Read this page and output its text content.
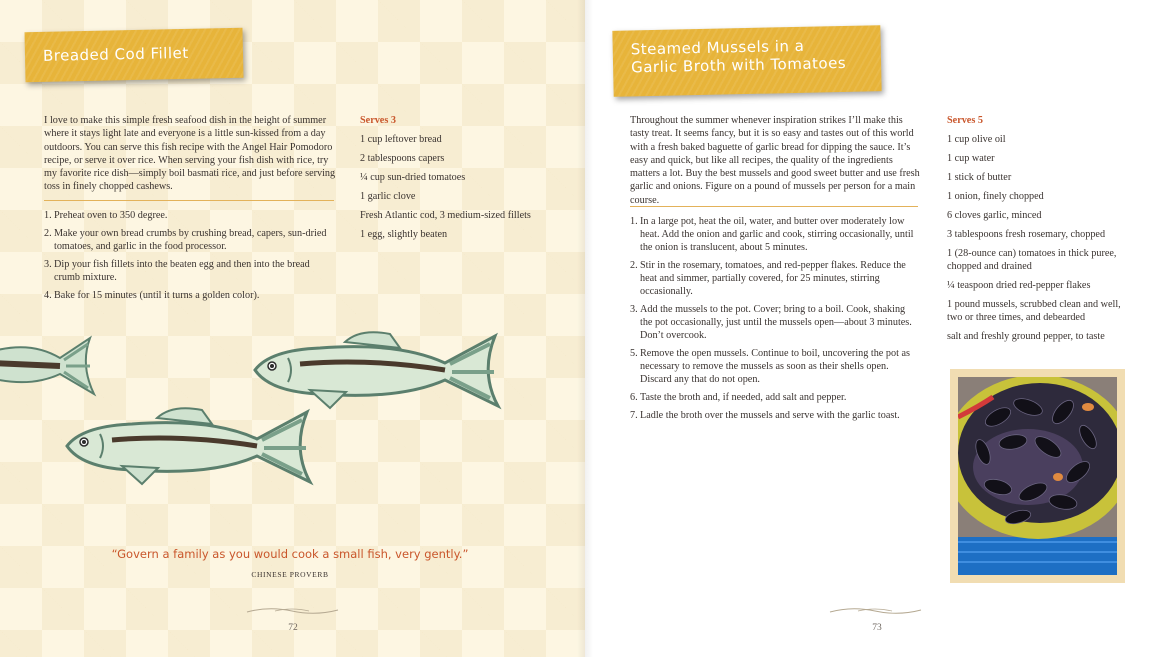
Breaded Cod Fillet

I love to make this simple fresh seafood dish in the height of summer where it stays light late and everyone is a little sun-kissed from a day outdoors. You can serve this fish recipe with the Angel Hair Pomodoro recipe, or serve it over rice. When serving your fish dish with rice, try my favorite rice dish—simply boil basmati rice, and just before serving toss in finely chopped cashews.

1. Preheat oven to 350 degree.
2. Make your own bread crumbs by crushing bread, capers, sun-dried tomatoes, and garlic in the food processor.
3. Dip your fish fillets into the beaten egg and then into the bread crumb mixture.
4. Bake for 15 minutes (until it turns a golden color).
Serves 3
1 cup leftover bread
2 tablespoons capers
¼ cup sun-dried tomatoes
1 garlic clove
Fresh Atlantic cod, 3 medium-sized fillets
1 egg, slightly beaten
“Govern a family as you would cook a small fish, very gently.”
CHINESE PROVERB
72
Steamed Mussels in a
Garlic Broth with Tomatoes

Throughout the summer whenever inspiration strikes I’ll make this tasty treat. It seems fancy, but it is so easy and tastes out of this world with a fresh baked baguette of garlic bread for dipping the sauce. It’s easy and quick, but like all recipes, the quality of the ingredients matters a lot. Buy the best mussels and good sweet butter and use fresh garlic and onions. Figure on a pound of mussels per person for a main course.

1. In a large pot, heat the oil, water, and butter over moderately low heat. Add the onion and garlic and cook, stirring occasionally, until the onion is translucent, about 5 minutes.
2. Stir in the rosemary, tomatoes, and red-pepper flakes. Reduce the heat and simmer, partially covered, for 25 minutes, stirring occasionally.
3. Add the mussels to the pot. Cover; bring to a boil. Cook, shaking the pot occasionally, just until the mussels open—about 3 minutes. Don’t overcook.
5. Remove the open mussels. Continue to boil, uncovering the pot as necessary to remove the mussels as soon as their shells open. Discard any that do not open.
6. Taste the broth and, if needed, add salt and pepper.
7. Ladle the broth over the mussels and serve with the garlic toast.
Serves 5
1 cup olive oil
1 cup water
1 stick of butter
1 onion, finely chopped
6 cloves garlic, minced
3 tablespoons fresh rosemary, chopped
1 (28-ounce can) tomatoes in thick puree, chopped and drained
¼ teaspoon dried red-pepper flakes
1 pound mussels, scrubbed clean and well, two or three times, and debearded
salt and freshly ground pepper, to taste
73
